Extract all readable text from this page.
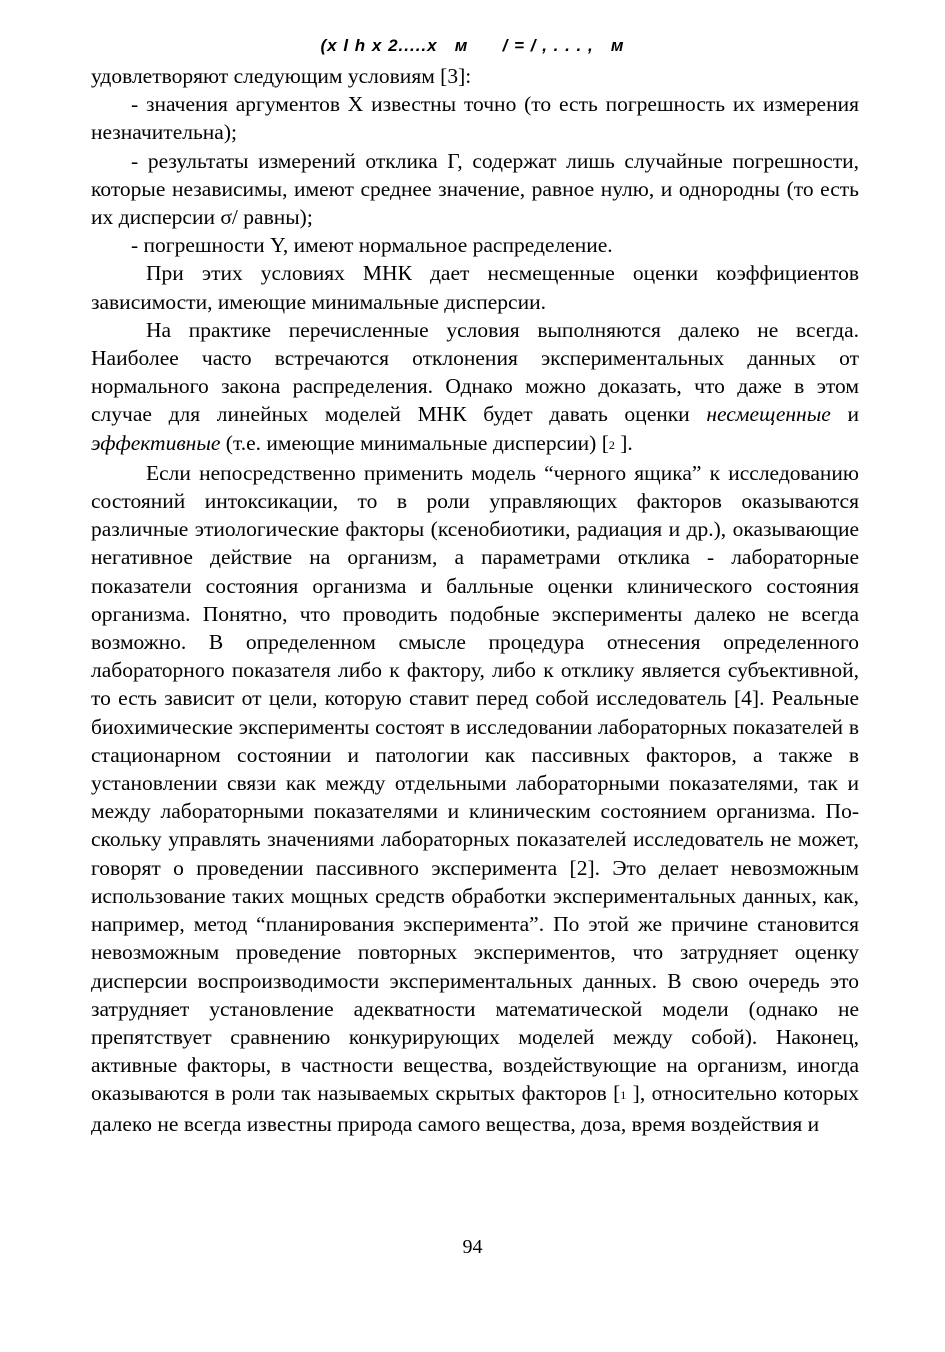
(x l h x 2.....x   м      / = / , . . . ,   м

удовлетворяют следующим условиям [3]:

- значения аргументов X известны точно (то есть погрешность их измерения незначительна);

- результаты измерений отклика Г, содержат лишь случайные погрешности, которые независимы, имеют среднее значение, равное нулю, и однородны (то есть их дисперсии σ/ равны);

- погрешности Y, имеют нормальное распределение.

При этих условиях МНК дает несмещенные оценки коэффициентов зависимости, имеющие минимальные дисперсии.

На практике перечисленные условия выполняются далеко не всегда. Наиболее часто встречаются отклонения экспериментальных данных от нормального закона распределения. Однако можно доказать, что даже в этом случае для линейных моделей МНК будет давать оценки несмещенные и эффективные (т.е. имеющие минимальные дисперсии) [2 ].

Если непосредственно применить модель “черного ящика” к исследованию состояний интоксикации, то в роли управляющих факторов оказываются различные этиологические факторы (ксенобиотики, радиация и др.), оказывающие негативное действие на организм, а параметрами отклика - лабораторные показатели состояния организма и балльные оценки клинического состояния организма. Понятно, что проводить подобные эксперименты далеко не всегда возможно. В определенном смысле процедура отнесения определенного лабораторного показателя либо к фактору, либо к отклику является субъективной, то есть зависит от цели, которую ставит перед собой исследователь [4]. Реальные биохимические эксперименты состоят в исследовании лабораторных показателей в стационарном состоянии и патологии как пассивных факторов, а также в установлении связи как между отдельными лабораторными показателями, так и между лабораторными показателями и клиническим состоянием организма. Поскольку управлять значениями лабораторных показателей исследователь не может, говорят о проведении пассивного эксперимента [2]. Это делает невозможным использование таких мощных средств обработки экспериментальных данных, как, например, метод “планирования эксперимента”. По этой же причине становится невозможным проведение повторных экспериментов, что затрудняет оценку дисперсии воспроизводимости экспериментальных данных. В свою очередь это затрудняет установление адекватности математической модели (однако не препятствует сравнению конкурирующих моделей между собой). Наконец, активные факторы, в частности вещества, воздействующие на организм, иногда оказываются в роли так называемых скрытых факторов [1 ], относительно которых далеко не всегда известны природа самого вещества, доза, время воздействия и

94
